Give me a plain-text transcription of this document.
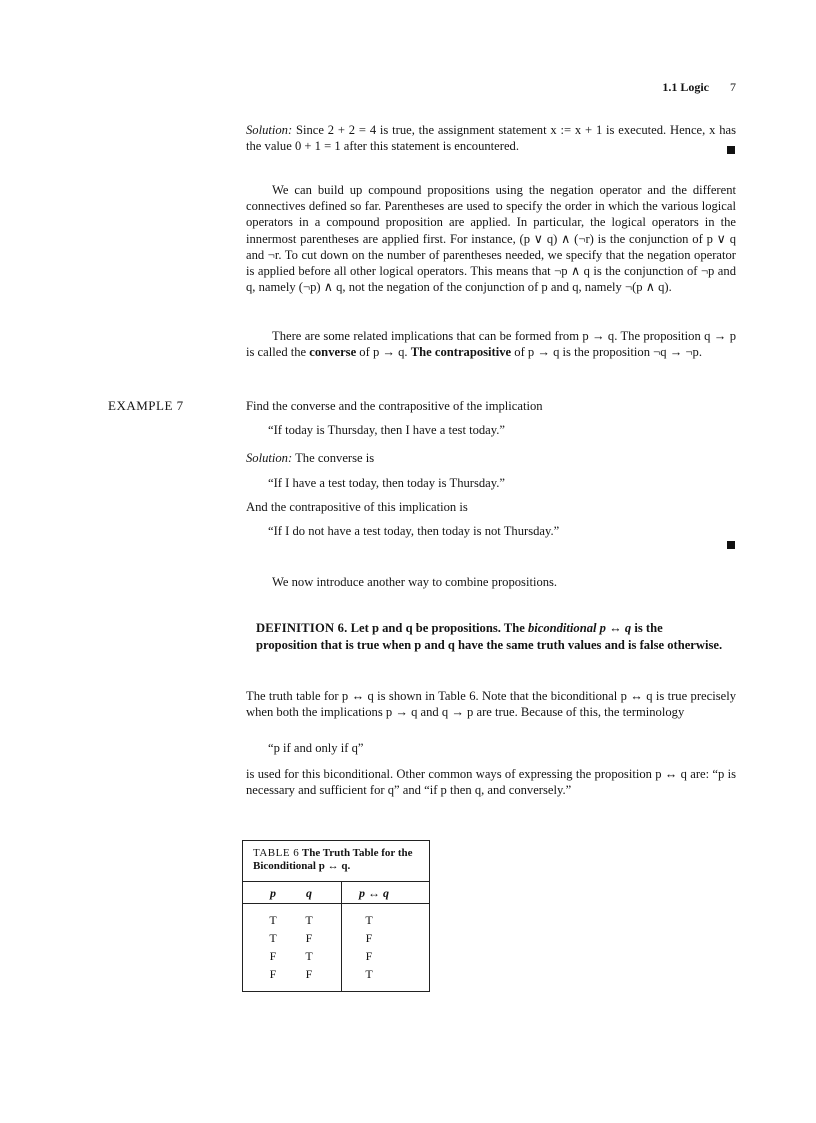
1.1 Logic 7
Solution: Since 2 + 2 = 4 is true, the assignment statement x := x + 1 is executed. Hence, x has the value 0 + 1 = 1 after this statement is encountered.
We can build up compound propositions using the negation operator and the different connectives defined so far. Parentheses are used to specify the order in which the various logical operators in a compound proposition are applied. In particular, the logical operators in the innermost parentheses are applied first. For instance, (p ∨ q) ∧ (¬r) is the conjunction of p ∨ q and ¬r. To cut down on the number of parentheses needed, we specify that the negation operator is applied before all other logical operators. This means that ¬p ∧ q is the conjunction of ¬p and q, namely (¬p) ∧ q, not the negation of the conjunction of p and q, namely ¬(p ∧ q).
There are some related implications that can be formed from p → q. The proposition q → p is called the converse of p → q. The contrapositive of p → q is the proposition ¬q → ¬p.
EXAMPLE 7	Find the converse and the contrapositive of the implication
“If today is Thursday, then I have a test today.”
Solution: The converse is
“If I have a test today, then today is Thursday.”
And the contrapositive of this implication is
“If I do not have a test today, then today is not Thursday.”
We now introduce another way to combine propositions.
DEFINITION 6. Let p and q be propositions. The biconditional p ↔ q is the proposition that is true when p and q have the same truth values and is false otherwise.
The truth table for p ↔ q is shown in Table 6. Note that the biconditional p ↔ q is true precisely when both the implications p → q and q → p are true. Because of this, the terminology
“p if and only if q”
is used for this biconditional. Other common ways of expressing the proposition p ↔ q are: “p is necessary and sufficient for q” and “if p then q, and conversely.”
TABLE 6 The Truth Table for the Biconditional p ↔ q.
p	q	p ↔ q
T	T	T
T	F	F
F	T	F
F	F	T
